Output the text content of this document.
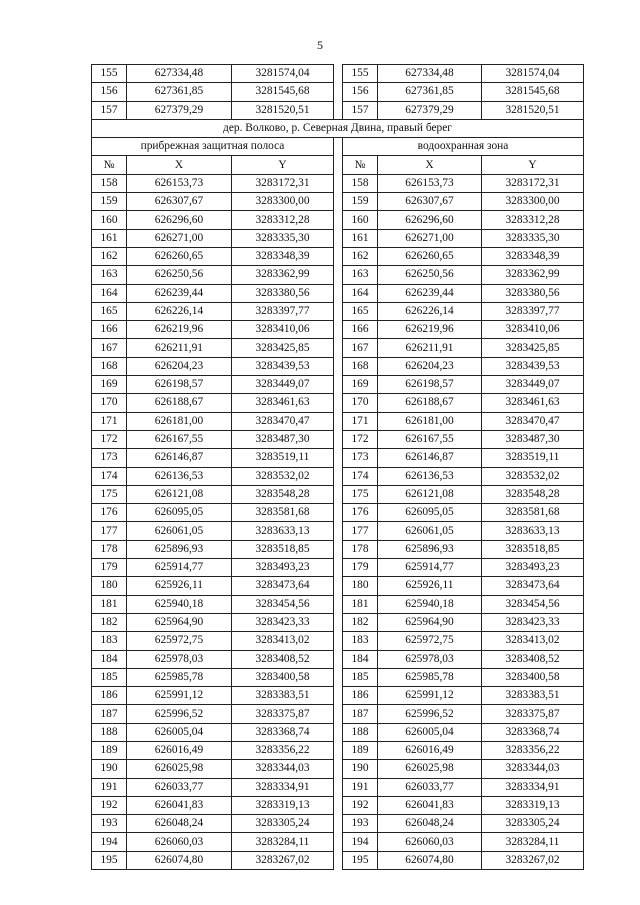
5
155	627334,48	3281574,04		155	627334,48	3281574,04
156	627361,85	3281545,68		156	627361,85	3281545,68
157	627379,29	3281520,51		157	627379,29	3281520,51
дер. Волково, р. Северная Двина, правый берег						
прибрежная защитная полоса				водоохранная зона		
№	X	Y		№	X	Y
158	626153,73	3283172,31		158	626153,73	3283172,31
159	626307,67	3283300,00		159	626307,67	3283300,00
160	626296,60	3283312,28		160	626296,60	3283312,28
161	626271,00	3283335,30		161	626271,00	3283335,30
162	626260,65	3283348,39		162	626260,65	3283348,39
163	626250,56	3283362,99		163	626250,56	3283362,99
164	626239,44	3283380,56		164	626239,44	3283380,56
165	626226,14	3283397,77		165	626226,14	3283397,77
166	626219,96	3283410,06		166	626219,96	3283410,06
167	626211,91	3283425,85		167	626211,91	3283425,85
168	626204,23	3283439,53		168	626204,23	3283439,53
169	626198,57	3283449,07		169	626198,57	3283449,07
170	626188,67	3283461,63		170	626188,67	3283461,63
171	626181,00	3283470,47		171	626181,00	3283470,47
172	626167,55	3283487,30		172	626167,55	3283487,30
173	626146,87	3283519,11		173	626146,87	3283519,11
174	626136,53	3283532,02		174	626136,53	3283532,02
175	626121,08	3283548,28		175	626121,08	3283548,28
176	626095,05	3283581,68		176	626095,05	3283581,68
177	626061,05	3283633,13		177	626061,05	3283633,13
178	625896,93	3283518,85		178	625896,93	3283518,85
179	625914,77	3283493,23		179	625914,77	3283493,23
180	625926,11	3283473,64		180	625926,11	3283473,64
181	625940,18	3283454,56		181	625940,18	3283454,56
182	625964,90	3283423,33		182	625964,90	3283423,33
183	625972,75	3283413,02		183	625972,75	3283413,02
184	625978,03	3283408,52		184	625978,03	3283408,52
185	625985,78	3283400,58		185	625985,78	3283400,58
186	625991,12	3283383,51		186	625991,12	3283383,51
187	625996,52	3283375,87		187	625996,52	3283375,87
188	626005,04	3283368,74		188	626005,04	3283368,74
189	626016,49	3283356,22		189	626016,49	3283356,22
190	626025,98	3283344,03		190	626025,98	3283344,03
191	626033,77	3283334,91		191	626033,77	3283334,91
192	626041,83	3283319,13		192	626041,83	3283319,13
193	626048,24	3283305,24		193	626048,24	3283305,24
194	626060,03	3283284,11		194	626060,03	3283284,11
195	626074,80	3283267,02		195	626074,80	3283267,02
